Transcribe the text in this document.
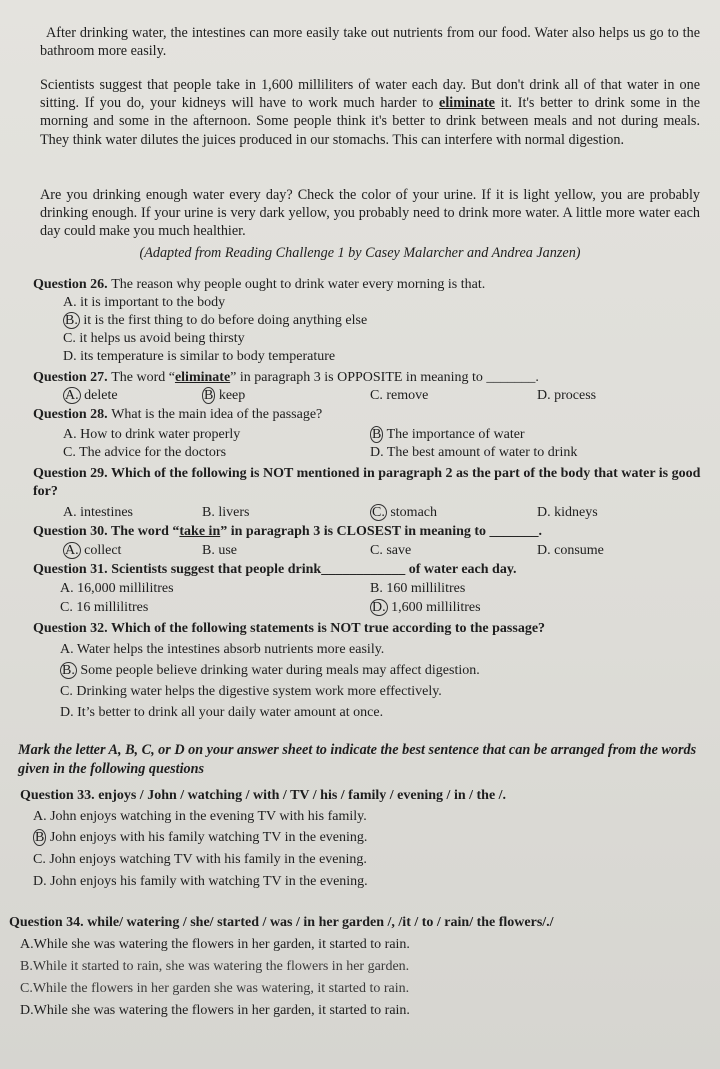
After drinking water, the intestines can more easily take out nutrients from our food. Water also helps us go to the bathroom more easily.
Scientists suggest that people take in 1,600 milliliters of water each day. But don't drink all of that water in one sitting. If you do, your kidneys will have to work much harder to eliminate it. It's better to drink some in the morning and some in the afternoon. Some people think it's better to drink between meals and not during meals. They think water dilutes the juices produced in our stomachs. This can interfere with normal digestion.
Are you drinking enough water every day? Check the color of your urine. If it is light yellow, you are probably drinking enough. If your urine is very dark yellow, you probably need to drink more water. A little more water each day could make you much healthier.
(Adapted from Reading Challenge 1 by Casey Malarcher and Andrea Janzen)
Question 26. The reason why people ought to drink water every morning is that.
A. it is important to the body
B. it is the first thing to do before doing anything else
C. it helps us avoid being thirsty
D. its temperature is similar to body temperature
Question 27. The word “eliminate” in paragraph 3 is OPPOSITE in meaning to _______.
A. delete	B keep	C. remove	D. process
Question 28. What is the main idea of the passage?
A. How to drink water properly	B The importance of water
C. The advice for the doctors	D. The best amount of water to drink
Question 29. Which of the following is NOT mentioned in paragraph 2 as the part of the body that water is good for?
A. intestines	B. livers	C. stomach	D. kidneys
Question 30. The word “take in” in paragraph 3 is CLOSEST in meaning to _______.
A. collect	B. use	C. save	D. consume
Question 31. Scientists suggest that people drink____________ of water each day.
A. 16,000 millilitres	B. 160 millilitres
C. 16 millilitres	D. 1,600 millilitres
Question 32. Which of the following statements is NOT true according to the passage?
A. Water helps the intestines absorb nutrients more easily.
B. Some people believe drinking water during meals may affect digestion.
C. Drinking water helps the digestive system work more effectively.
D. It’s better to drink all your daily water amount at once.
Mark the letter A, B, C, or D on your answer sheet to indicate the best sentence that can be arranged from the words given in the following questions
Question 33. enjoys / John / watching / with / TV / his / family / evening / in / the /.
A. John enjoys watching in the evening TV with his family.
B John enjoys with his family watching TV in the evening.
C. John enjoys watching TV with his family in the evening.
D. John enjoys his family with watching TV in the evening.
Question 34. while/ watering / she/ started / was / in her garden /, /it / to / rain/ the flowers/./
A.While she was watering the flowers in her garden, it started to rain.
B.While it started to rain, she was watering the flowers in her garden.
C.While the flowers in her garden she was watering, it started to rain.
D.While she was watering the flowers in her garden, it started to rain.
